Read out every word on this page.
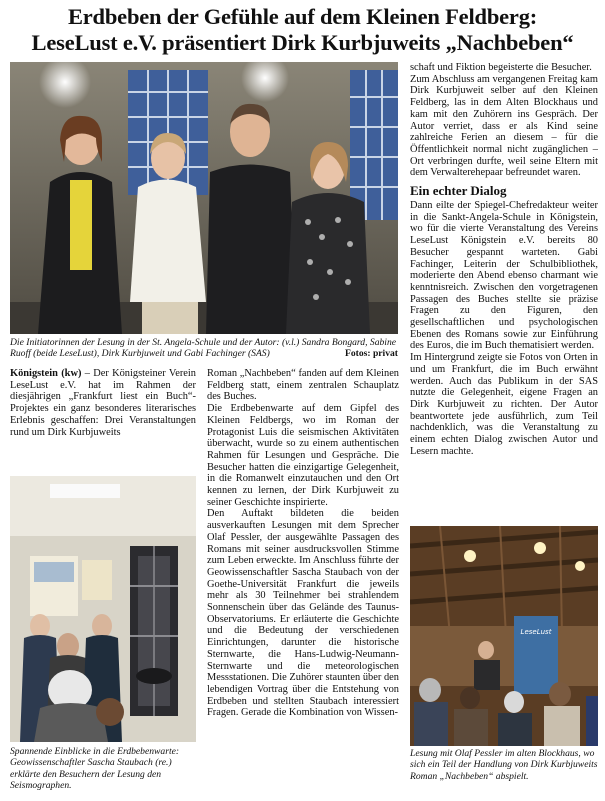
Erdbeben der Gefühle auf dem Kleinen Feldberg:
LeseLust e.V. präsentiert Dirk Kurbjuweits „Nachbeben“
Die Initiatorinnen der Lesung in der St. Angela-Schule und der Autor: (v.l.) Sandra Bongard, Sabine Ruoff (beide LeseLust), Dirk Kurbjuweit und Gabi Fachinger (SAS)	Fotos: privat

Königstein (kw) – Der Königsteiner Verein LeseLust e.V. hat im Rahmen der diesjährigen „Frankfurt liest ein Buch“-Projektes ein ganz besonderes literarisches Erlebnis geschaffen: Drei Veranstaltungen rund um Dirk Kurbjuweits

Spannende Einblicke in die Erdbebenwarte: Geowissenschaftler Sascha Staubach (re.) erklärte den Besuchern der Lesung den Seismographen.

Roman „Nachbeben“ fanden auf dem Kleinen Feldberg statt, einem zentralen Schauplatz des Buches.

Die Erdbebenwarte auf dem Gipfel des Kleinen Feldbergs, wo im Roman der Protagonist Luis die seismischen Aktivitäten überwacht, wurde so zu einem authentischen Rahmen für Lesungen und Gespräche. Die Besucher hatten die einzigartige Gelegenheit, in die Romanwelt einzutauchen und den Ort kennen zu lernen, der Dirk Kurbjuweit zu seiner Geschichte inspirierte.

Den Auftakt bildeten die beiden ausverkauften Lesungen mit dem Sprecher Olaf Pessler, der ausgewählte Passagen des Romans mit seiner ausdrucksvollen Stimme zum Leben erweckte. Im Anschluss führte der Geowissenschaftler Sascha Staubach von der Goethe-Universität Frankfurt die jeweils mehr als 30 Teilnehmer bei strahlendem Sonnenschein über das Gelände des Taunus-Observatoriums. Er erläuterte die Geschichte und die Bedeutung der verschiedenen Einrichtungen, darunter die historische Sternwarte, die Hans-Ludwig-Neumann-Sternwarte und die meteorologischen Messstationen. Die Zuhörer staunten über den lebendigen Vortrag über die Entstehung von Erdbeben und stellten Staubach interessiert Fragen. Gerade die Kombination von Wissen-

schaft und Fiktion begeisterte die Besucher.

Zum Abschluss am vergangenen Freitag kam Dirk Kurbjuweit selber auf den Kleinen Feldberg, las in dem Alten Blockhaus und kam mit den Zuhörern ins Gespräch. Der Autor verriet, dass er als Kind seine zahlreiche Ferien an diesem – für die Öffentlichkeit normal nicht zugänglichen – Ort verbringen durfte, weil seine Eltern mit dem Verwalterehepaar befreundet waren.

Ein echter Dialog

Dann eilte der Spiegel-Chefredakteur weiter in die Sankt-Angela-Schule in Königstein, wo für die vierte Veranstaltung des Vereins LeseLust Königstein e.V. bereits 80 Besucher gespannt warteten. Gabi Fachinger, Leiterin der Schulbibliothek, moderierte den Abend ebenso charmant wie kenntnisreich. Zwischen den vorgetragenen Passagen des Buches stellte sie präzise Fragen zu den Figuren, den gesellschaftlichen und psychologischen Ebenen des Romans sowie zur Einführung des Euros, die im Buch thematisiert werden.

Im Hintergrund zeigte sie Fotos von Orten in und um Frankfurt, die im Buch erwähnt werden. Auch das Publikum in der SAS nutzte die Gelegenheit, eigene Fragen an Dirk Kurbjuweit zu richten. Der Autor beantwortete jede ausführlich, zum Teil nachdenklich, was die Veranstaltung zu einem echten Dialog zwischen Autor und Lesern machte.

LeseLust
Lesung mit Olaf Pessler im alten Blockhaus, wo sich ein Teil der Handlung von Dirk Kurbjuweits Roman „Nachbeben“ abspielt.
